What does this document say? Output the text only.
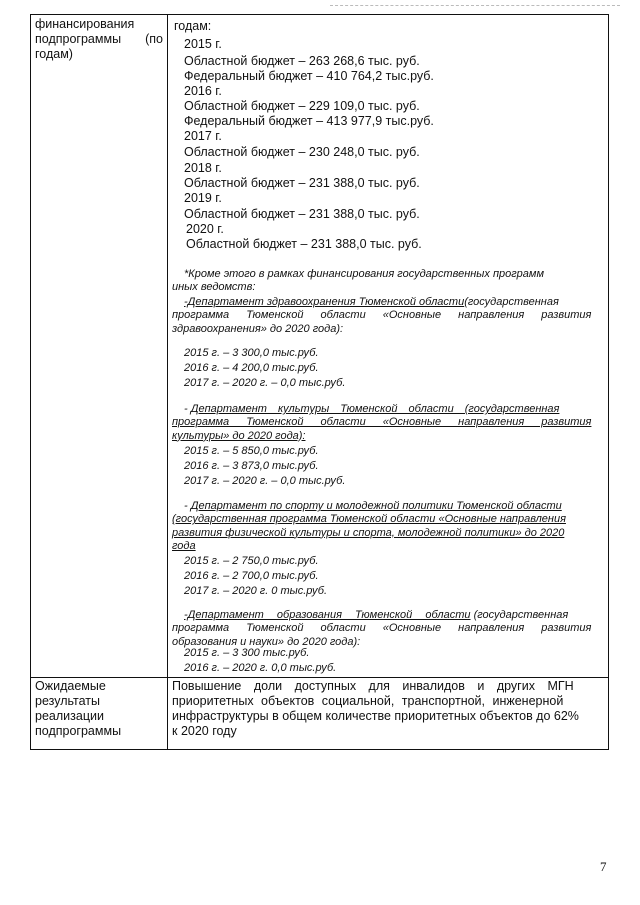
финансирования
подпрограммы (по
годам)
Ожидаемые
результаты
реализации
подпрограммы
годам:
2015 г.
Областной бюджет – 263 268,6 тыс. руб.
Федеральный бюджет – 410 764,2 тыс.руб.
2016 г.
Областной бюджет – 229 109,0 тыс. руб.
Федеральный бюджет – 413 977,9 тыс.руб.
2017 г.
Областной бюджет – 230 248,0 тыс. руб.
2018 г.
Областной бюджет – 231 388,0 тыс. руб.
2019 г.
Областной бюджет – 231 388,0 тыс. руб.
2020 г.
Областной бюджет – 231 388,0 тыс. руб.
*Кроме этого в рамках финансирования государственных программ
иных ведомств:
-Департамент здравоохранения Тюменской области(государственная
программа Тюменской области «Основные направления развития
здравоохранения» до 2020 года):
2015 г. – 3 300,0 тыс.руб.
2016 г. – 4 200,0 тыс.руб.
2017 г. – 2020 г. – 0,0 тыс.руб.
- Департамент культуры Тюменской области (государственная
программа Тюменской области «Основные направления развития
культуры» до 2020 года):
2015 г. – 5 850,0 тыс.руб.
2016 г. – 3 873,0 тыс.руб.
2017 г. – 2020 г. – 0,0 тыс.руб.
- Департамент по спорту и молодежной политики Тюменской области
(государственная программа Тюменской области «Основные направления
развития физической культуры и спорта, молодежной политики» до 2020
года
2015 г. – 2 750,0 тыс.руб.
2016 г. – 2 700,0 тыс.руб.
2017 г. – 2020 г. 0 тыс.руб.
-Департамент образования Тюменской области (государственная
программа Тюменской области «Основные направления развития
образования и науки» до 2020 года):
2015 г. – 3 300 тыс.руб.
2016 г. – 2020 г. 0,0 тыс.руб.
Повышение доли доступных для инвалидов и других МГН
приоритетных объектов социальной, транспортной, инженерной
инфраструктуры в общем количестве приоритетных объектов до 62%
к 2020 году
7
